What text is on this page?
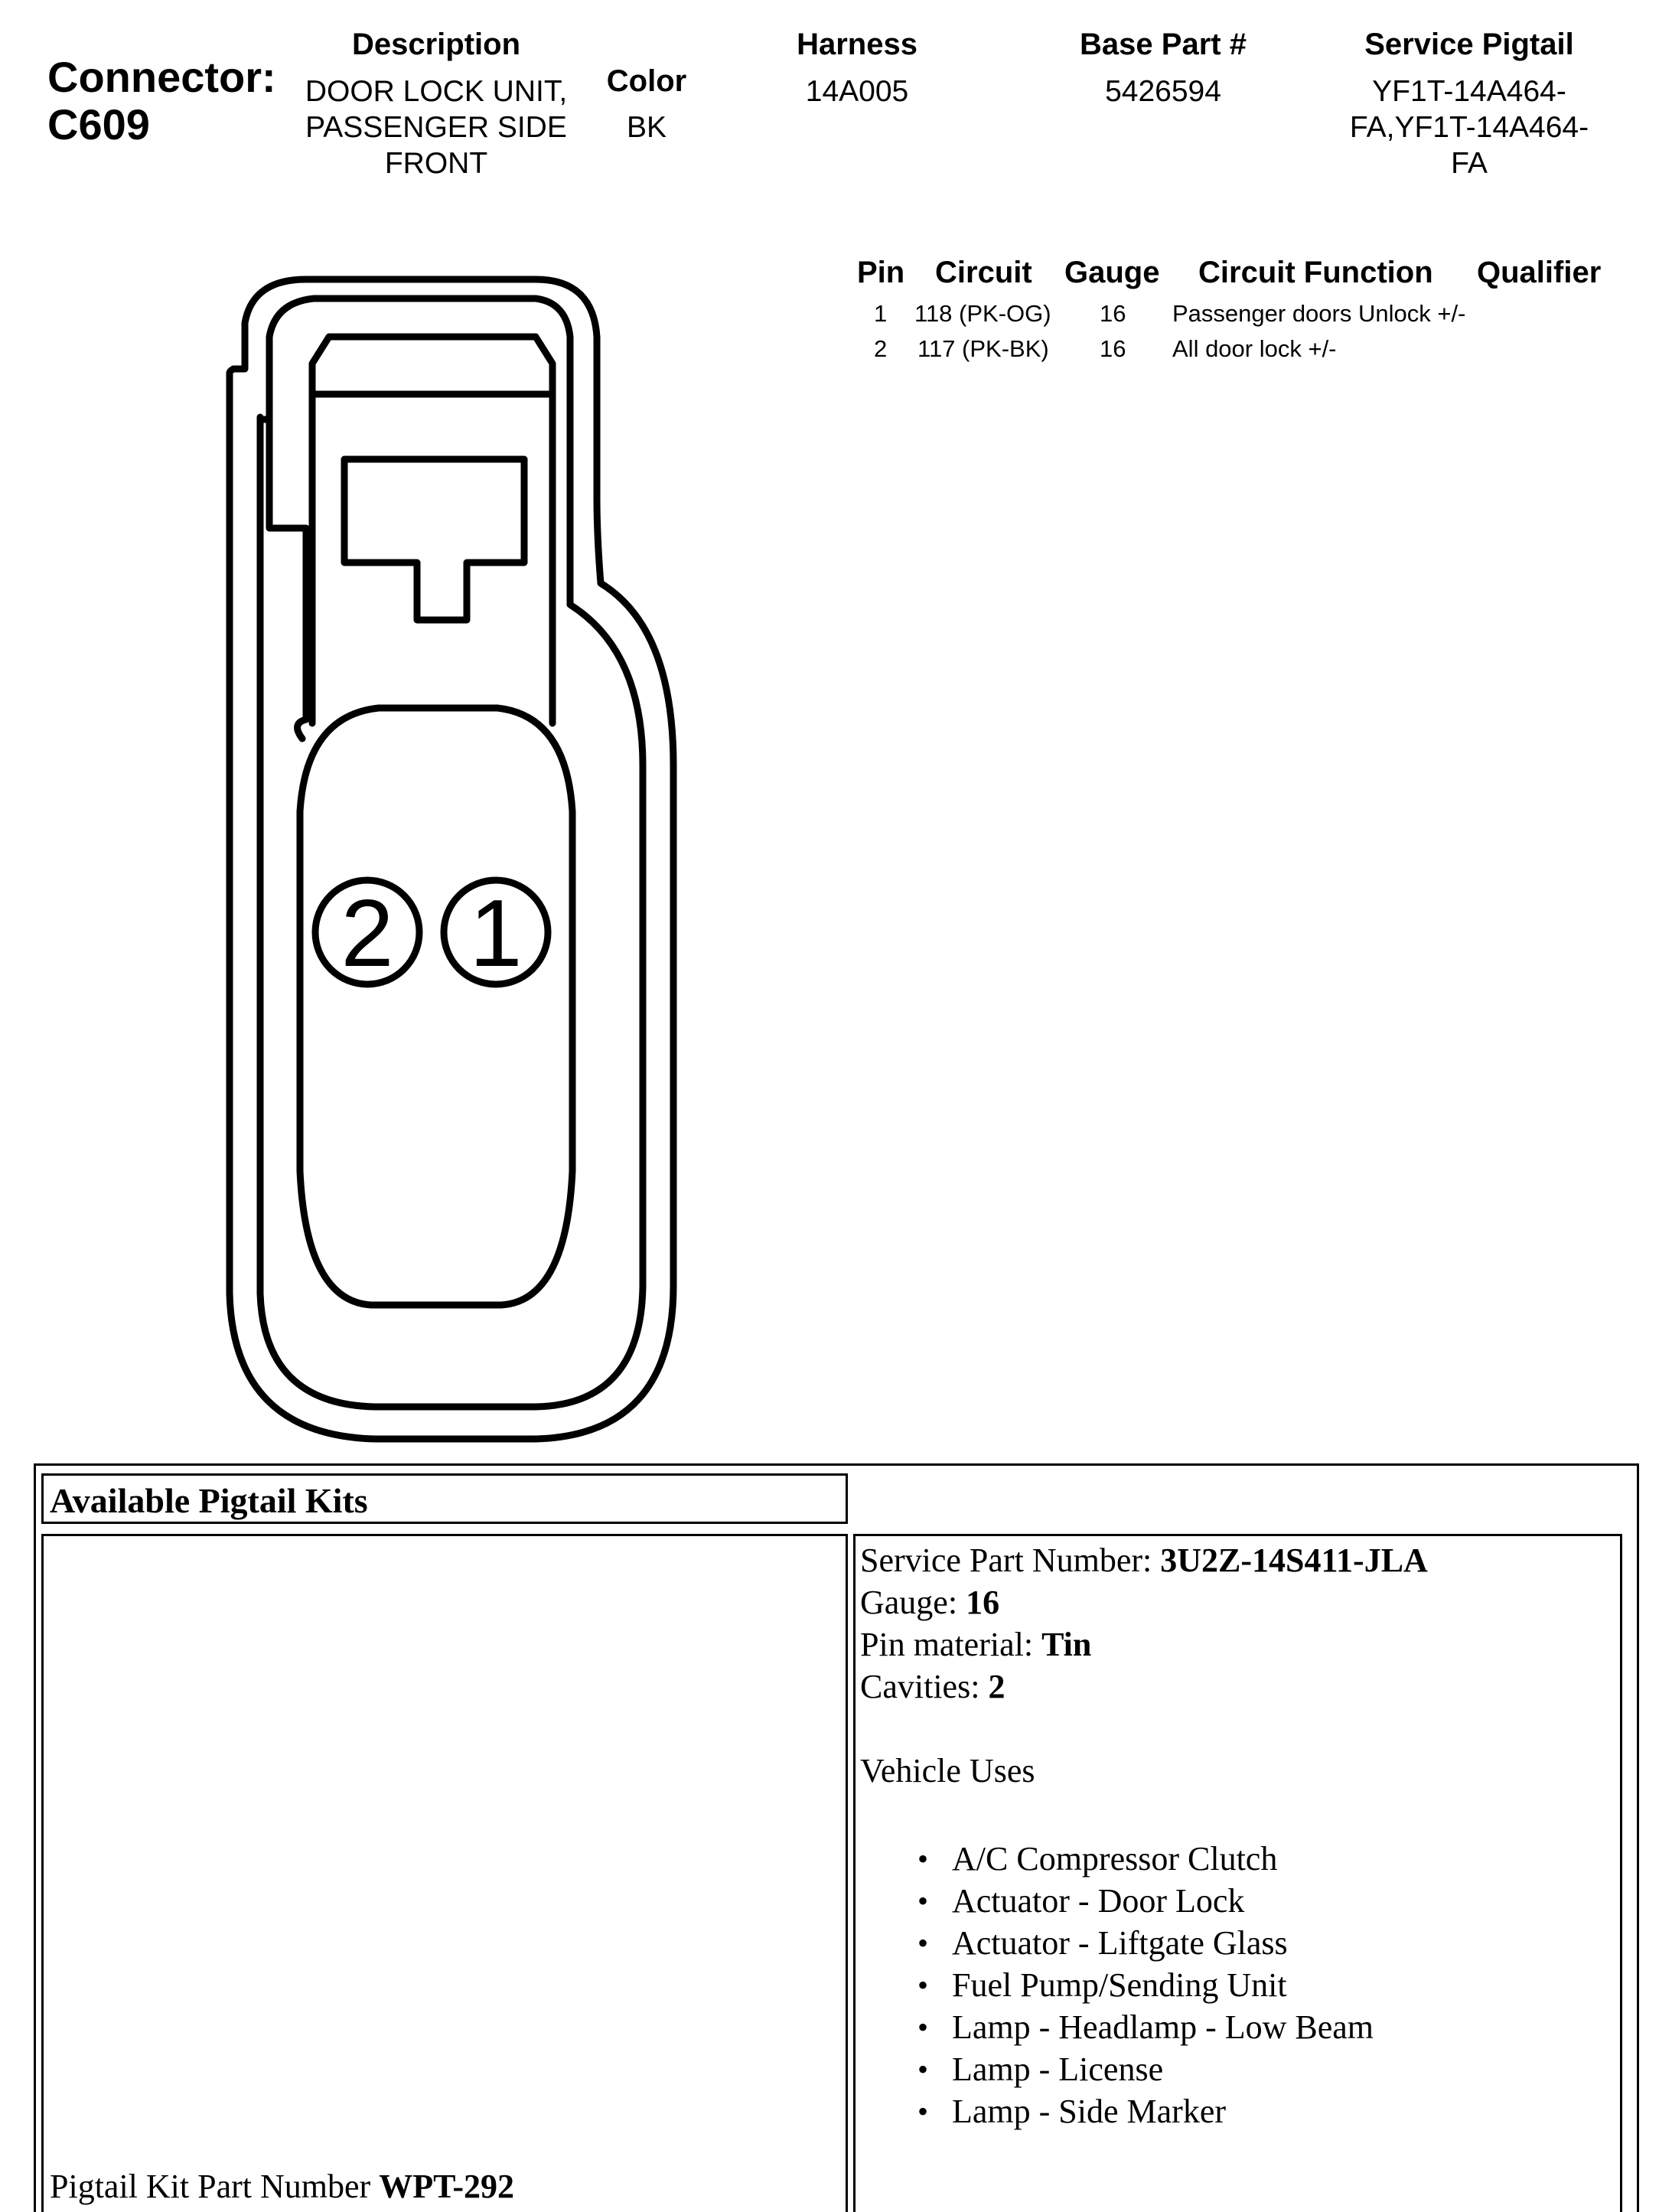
Connector:
C609
Description
DOOR LOCK UNIT,
PASSENGER SIDE
FRONT
Color
BK
Harness
14A005
Base Part #
5426594
Service Pigtail
YF1T-14A464-
FA,YF1T-14A464-
FA
Pin Circuit Gauge Circuit Function Qualifier
1 118 (PK-OG) 16 Passenger doors Unlock +/-
2 117 (PK-BK) 16 All door lock +/-
2 1
Available Pigtail Kits
Pigtail Kit Part Number WPT-292
Service Part Number: 3U2Z-14S411-JLA
Gauge: 16
Pin material: Tin
Cavities: 2
Vehicle Uses
• A/C Compressor Clutch
• Actuator - Door Lock
• Actuator - Liftgate Glass
• Fuel Pump/Sending Unit
• Lamp - Headlamp - Low Beam
• Lamp - License
• Lamp - Side Marker
